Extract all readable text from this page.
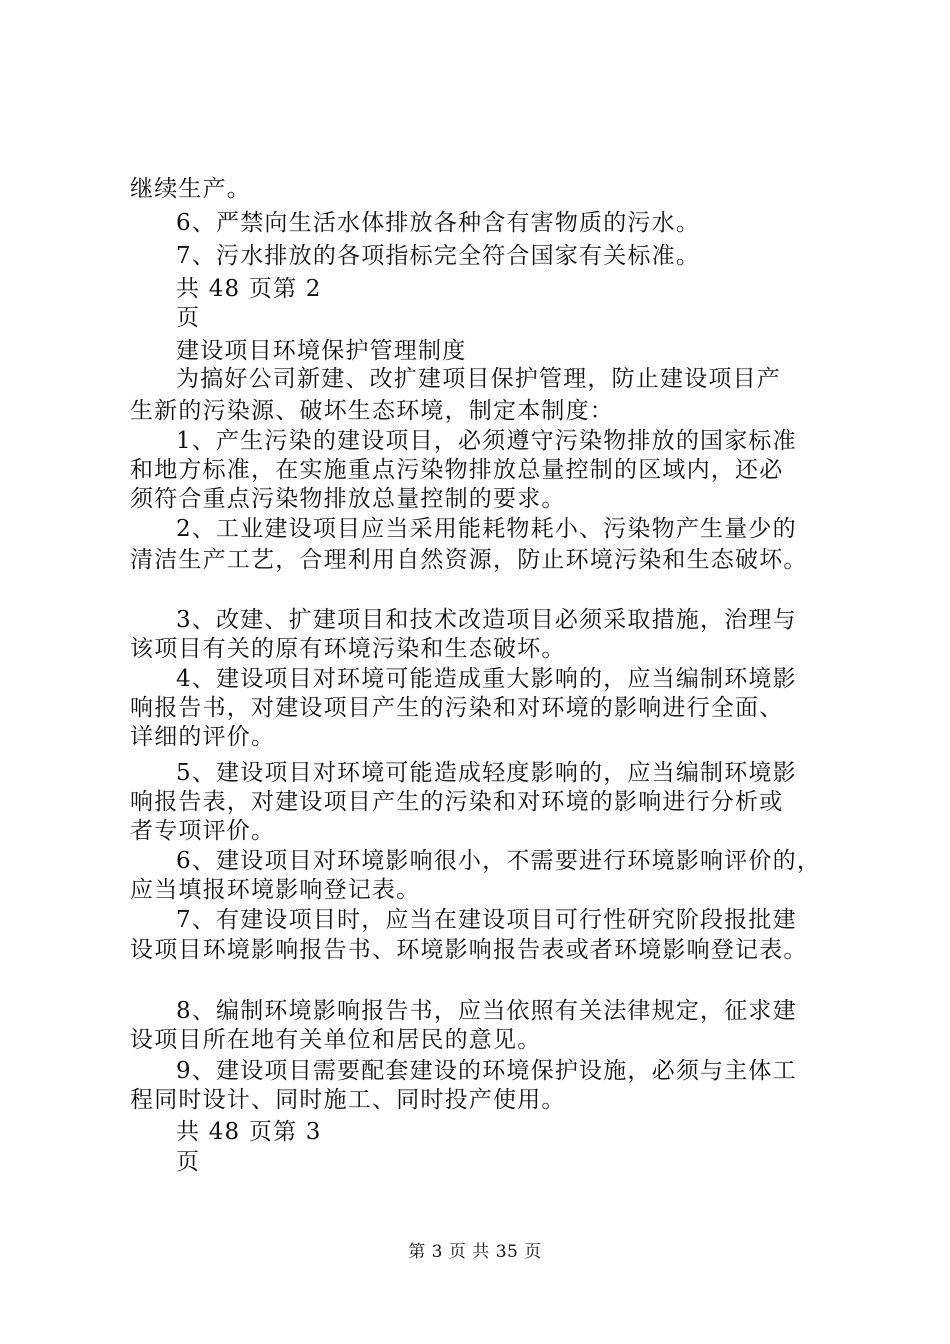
继续生产。
6、严禁向生活水体排放各种含有害物质的污水。
7、污水排放的各项指标完全符合国家有关标准。
共 48 页第 2
页
建设项目环境保护管理制度
为搞好公司新建、改扩建项目保护管理，防止建设项目产
生新的污染源、破坏生态环境，制定本制度：
1、产生污染的建设项目，必须遵守污染物排放的国家标准
和地方标准，在实施重点污染物排放总量控制的区域内，还必
须符合重点污染物排放总量控制的要求。
2、工业建设项目应当采用能耗物耗小、污染物产生量少的
清洁生产工艺，合理利用自然资源，防止环境污染和生态破坏。
3、改建、扩建项目和技术改造项目必须采取措施，治理与
该项目有关的原有环境污染和生态破坏。
4、建设项目对环境可能造成重大影响的，应当编制环境影
响报告书，对建设项目产生的污染和对环境的影响进行全面、
详细的评价。
5、建设项目对环境可能造成轻度影响的，应当编制环境影
响报告表，对建设项目产生的污染和对环境的影响进行分析或
者专项评价。
6、建设项目对环境影响很小，不需要进行环境影响评价的，
应当填报环境影响登记表。
7、有建设项目时，应当在建设项目可行性研究阶段报批建
设项目环境影响报告书、环境影响报告表或者环境影响登记表。
8、编制环境影响报告书，应当依照有关法律规定，征求建
设项目所在地有关单位和居民的意见。
9、建设项目需要配套建设的环境保护设施，必须与主体工
程同时设计、同时施工、同时投产使用。
共 48 页第 3
页
第 3 页 共 35 页
